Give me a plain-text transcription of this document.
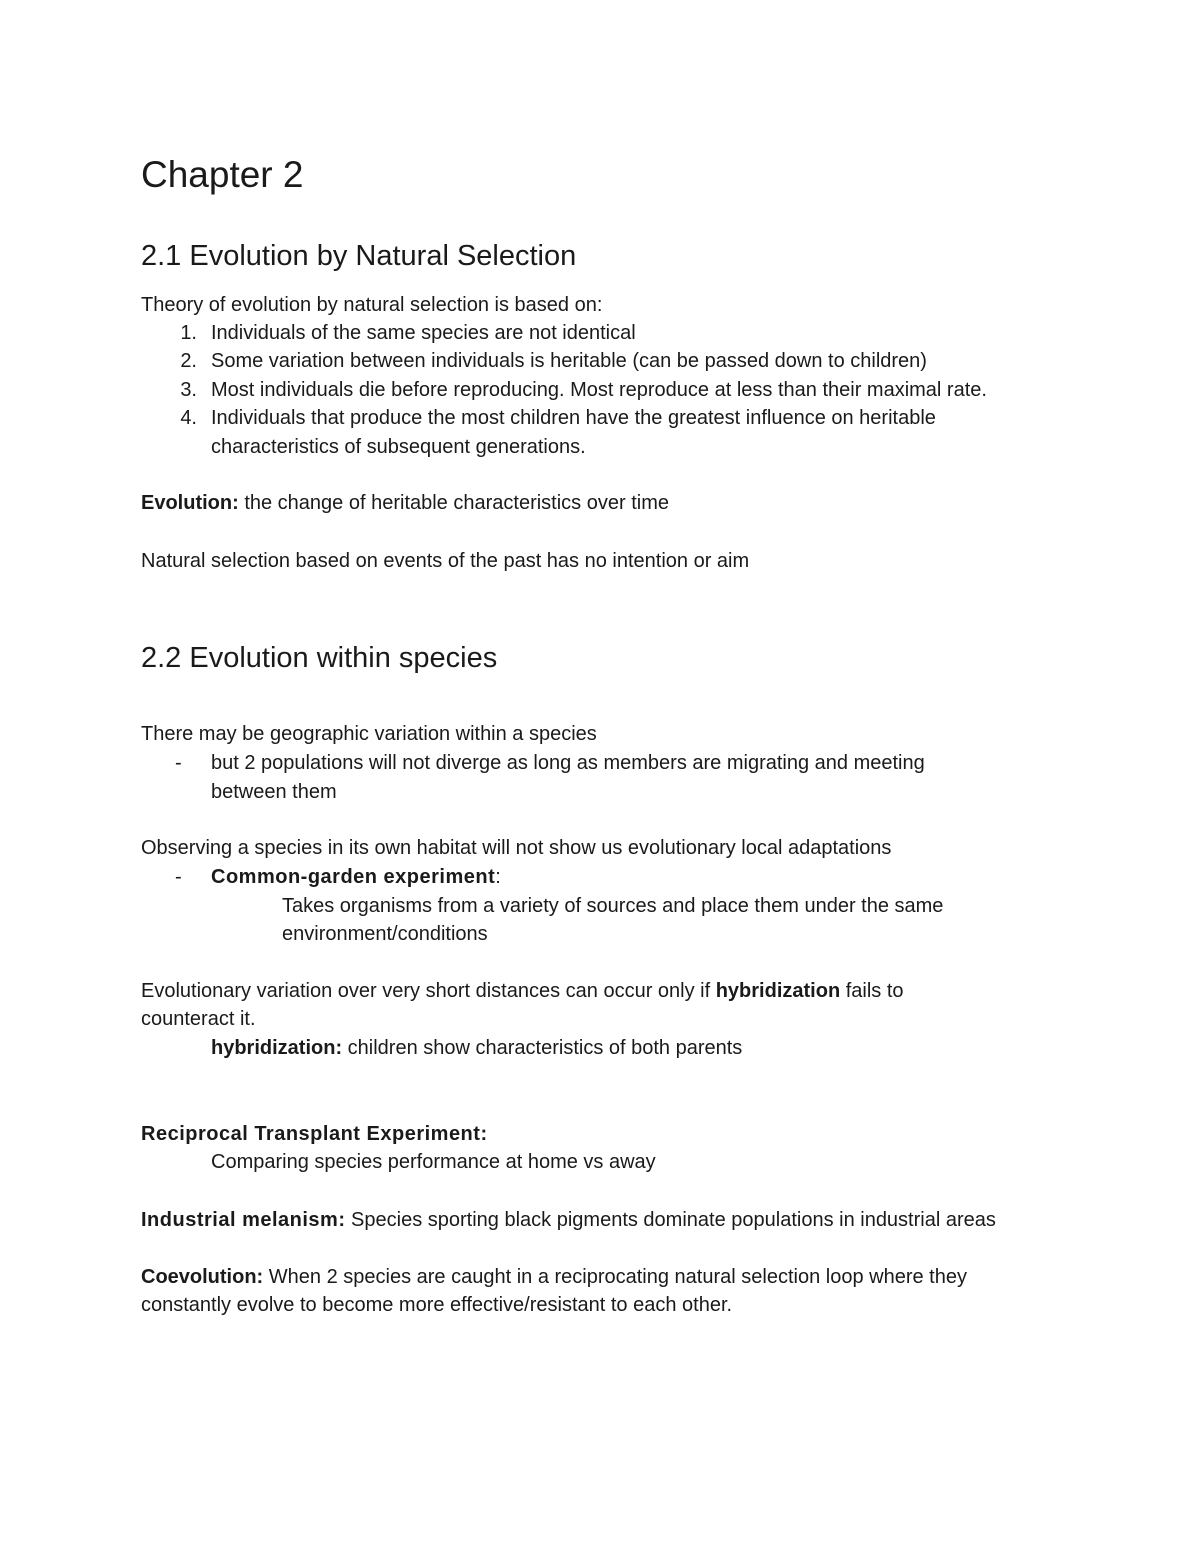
Chapter 2
2.1 Evolution by Natural Selection
Theory of evolution by natural selection is based on:
1. Individuals of the same species are not identical
2. Some variation between individuals is heritable (can be passed down to children)
3. Most individuals die before reproducing. Most reproduce at less than their maximal rate.
4. Individuals that produce the most children have the greatest influence on heritable
characteristics of subsequent generations.
Evolution: the change of heritable characteristics over time
Natural selection based on events of the past has no intention or aim
2.2 Evolution within species
There may be geographic variation within a species
- but 2 populations will not diverge as long as members are migrating and meeting
between them
Observing a species in its own habitat will not show us evolutionary local adaptations
- Common-garden experiment:
Takes organisms from a variety of sources and place them under the same
environment/conditions
Evolutionary variation over very short distances can occur only if hybridization fails to
counteract it.
hybridization: children show characteristics of both parents
Reciprocal Transplant Experiment:
Comparing species performance at home vs away
Industrial melanism: Species sporting black pigments dominate populations in industrial areas
Coevolution: When 2 species are caught in a reciprocating natural selection loop where they
constantly evolve to become more effective/resistant to each other.
